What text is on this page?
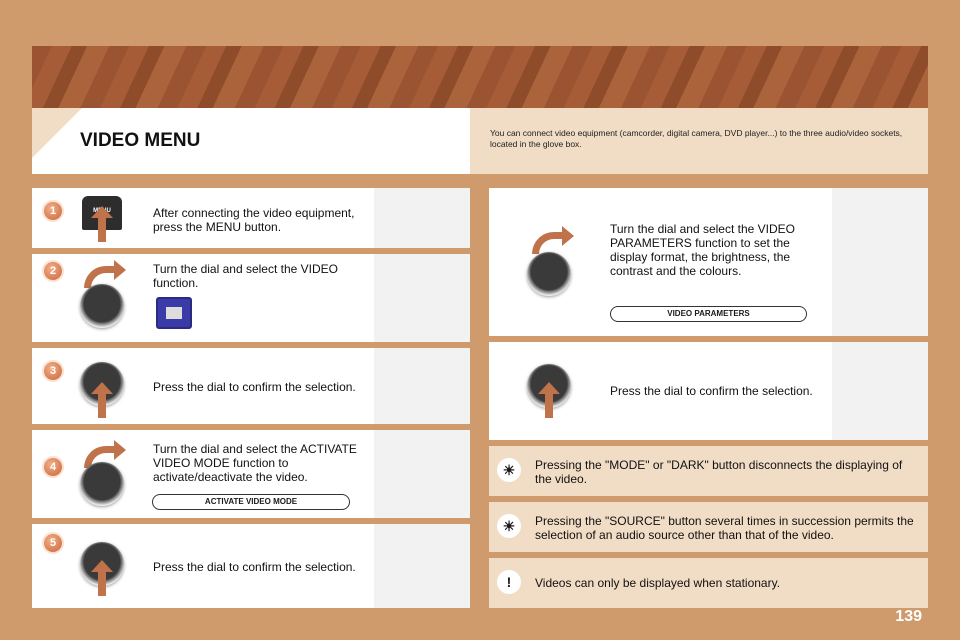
VIDEO MENU	You can connect video equipment (camcorder, digital camera, DVD player...) to the three audio/video sockets, located in the glove box.
1	After connecting the video equipment, press the MENU button.
2	Turn the dial and select the VIDEO function.
3
Press the dial to confirm the selection.
4
Turn the dial and select the ACTIVATE VIDEO MODE function to activate/deactivate the video.
ACTIVATE VIDEO MODE
5
Press the dial to confirm the selection.
Turn the dial and select the VIDEO PARAMETERS function to set the display format, the brightness, the contrast and the colours.
VIDEO PARAMETERS
Press the dial to confirm the selection.
☀	Pressing the "MODE" or "DARK" button disconnects the displaying of the video.
☀	Pressing the "SOURCE" button several times in succession permits the selection of an audio source other than that of the video.
!	Videos can only be displayed when stationary.
139
